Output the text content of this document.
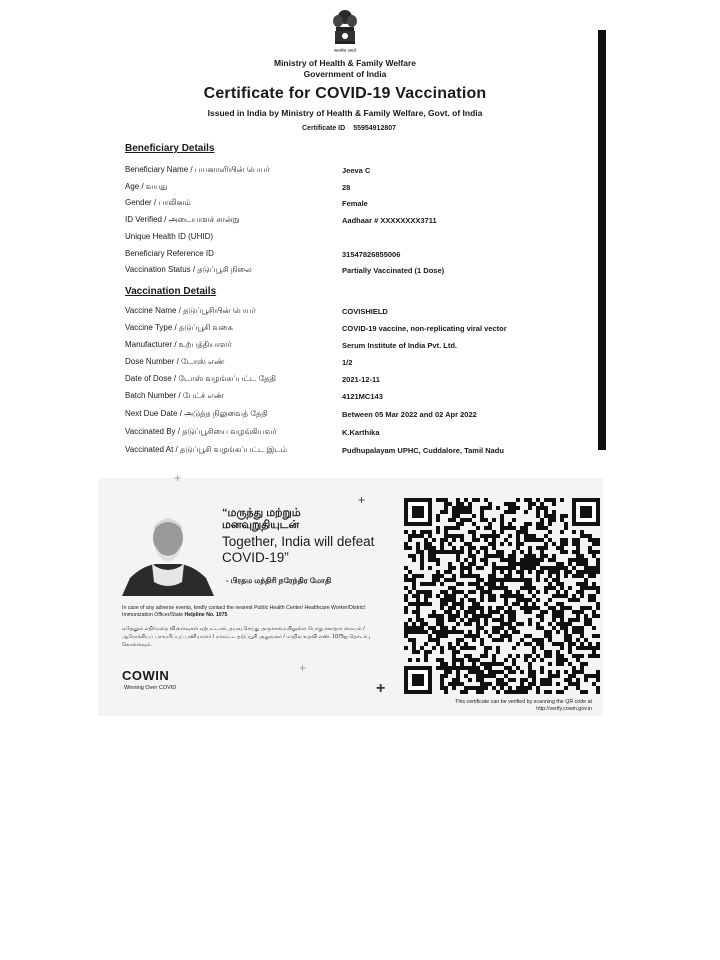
सत्यमेव जयते
Ministry of Health & Family Welfare
Government of India
Certificate for COVID-19 Vaccination
Issued in India by Ministry of Health & Family Welfare, Govt. of India
Certificate ID 55954912807
Beneficiary Details
Beneficiary Name / பயனாளியின் பெயர்	Jeeva C
Age / வயது	28
Gender / பாலினம்	Female
ID Verified / அடையாளச் சான்று	Aadhaar # XXXXXXXX3711
Unique Health ID (UHID)
Beneficiary Reference ID	31547826855006
Vaccination Status / தடுப்பூசி நிலை	Partially Vaccinated (1 Dose)
Vaccination Details
Vaccine Name / தடுப்பூசியின் பெயர்	COVISHIELD
Vaccine Type / தடுப்பூசி வகை	COVID-19 vaccine, non-replicating viral vector
Manufacturer / உற்பத்தியாளர்	Serum Institute of India Pvt. Ltd.
Dose Number / டோஸ் எண்	1/2
Date of Dose / டோஸ் வழங்கப்பட்ட தேதி	2021-12-11
Batch Number / பேட்ச் எண்	4121MC143
Next Due Date / அடுத்த நிலுவைத் தேதி	Between 05 Mar 2022 and 02 Apr 2022
Vaccinated By / தடுப்பூசியை வழங்கியவர்	K.Karthika
Vaccinated At / தடுப்பூசி வழங்கப்பட்ட இடம்	Pudhupalayam UPHC, Cuddalore, Tamil Nadu
“மருந்து மற்றும்
மனவுறுதியுடன்
Together, India will defeat
COVID-19”
- பிரதம மந்திரி நரேந்திர மோதி
In case of any adverse events, kindly contact the nearest Public Health Center/ Healthcare Worker/District Immunization Officer/State Helpline No. 1075
ஏதேனும் எதிர்மறை விளைவுகள் ஏற்பட்டால், தயவு செய்து அருகாமையிலுள்ள பொது சுகாதார மையம் / ஆரோக்கியப் பராமரிப்புப் பணியாளர் / மாவட்ட தடுப்பூசி அலுவலர் / மாநில உதவி எண். 1075ஐ தொடர்பு கொள்ளவும்.
COWIN
Winning Over COVID
This certificate can be verified by scanning the QR code at
http://verify.cowin.gov.in
+
+
+
+
